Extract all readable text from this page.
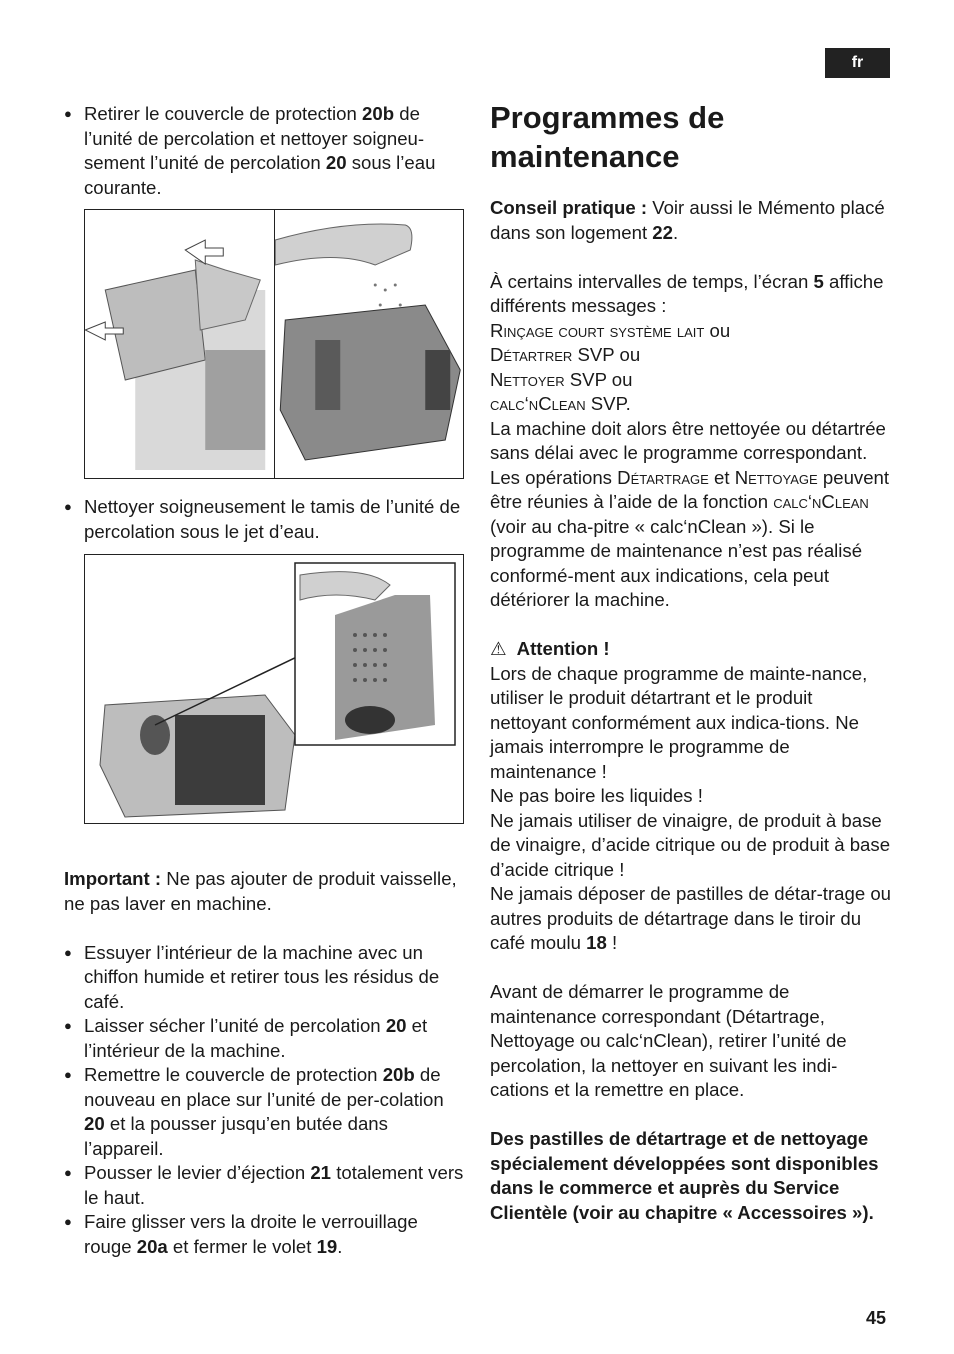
fr
● Retirer le couvercle de protection 20b de l’unité de percolation et nettoyer soigneu-sement l’unité de percolation 20 sous l’eau courante.
● Nettoyer soigneusement le tamis de l’unité de percolation sous le jet d’eau.
Important : Ne pas ajouter de produit vaisselle, ne pas laver en machine.
● Essuyer l’intérieur de la machine avec un chiffon humide et retirer tous les résidus de café.
● Laisser sécher l’unité de percolation 20 et l’intérieur de la machine.
● Remettre le couvercle de protection 20b de nouveau en place sur l’unité de per-colation 20 et la pousser jusqu’en butée dans l’appareil.
● Pousser le levier d’éjection 21 totalement vers le haut.
● Faire glisser vers la droite le verrouillage rouge 20a et fermer le volet 19.
Programmes de maintenance
Conseil pratique : Voir aussi le Mémento placé dans son logement 22.
À certains intervalles de temps, l’écran 5 affiche différents messages :
Rinçage court système lait ou
Détartrer SVP ou
Nettoyer SVP ou
calc‘nClean SVP.
La machine doit alors être nettoyée ou détartrée sans délai avec le programme correspondant. Les opérations Détartrage et Nettoyage peuvent être réunies à l’aide de la fonction calc‘nClean (voir au cha-pitre « calc‘nClean »). Si le programme de maintenance n’est pas réalisé conformé-ment aux indications, cela peut détériorer la machine.
⚠ Attention !
Lors de chaque programme de mainte-nance, utiliser le produit détartrant et le produit nettoyant conformément aux indica-tions. Ne jamais interrompre le programme de maintenance !
Ne pas boire les liquides !
Ne jamais utiliser de vinaigre, de produit à base de vinaigre, d’acide citrique ou de produit à base d’acide citrique !
Ne jamais déposer de pastilles de détar-trage ou autres produits de détartrage dans le tiroir du café moulu 18 !
Avant de démarrer le programme de maintenance correspondant (Détartrage, Nettoyage ou calc‘nClean), retirer l’unité de percolation, la nettoyer en suivant les indi-cations et la remettre en place.
Des pastilles de détartrage et de nettoyage spécialement développées sont disponibles dans le commerce et auprès du Service Clientèle (voir au chapitre « Accessoires »).
45
